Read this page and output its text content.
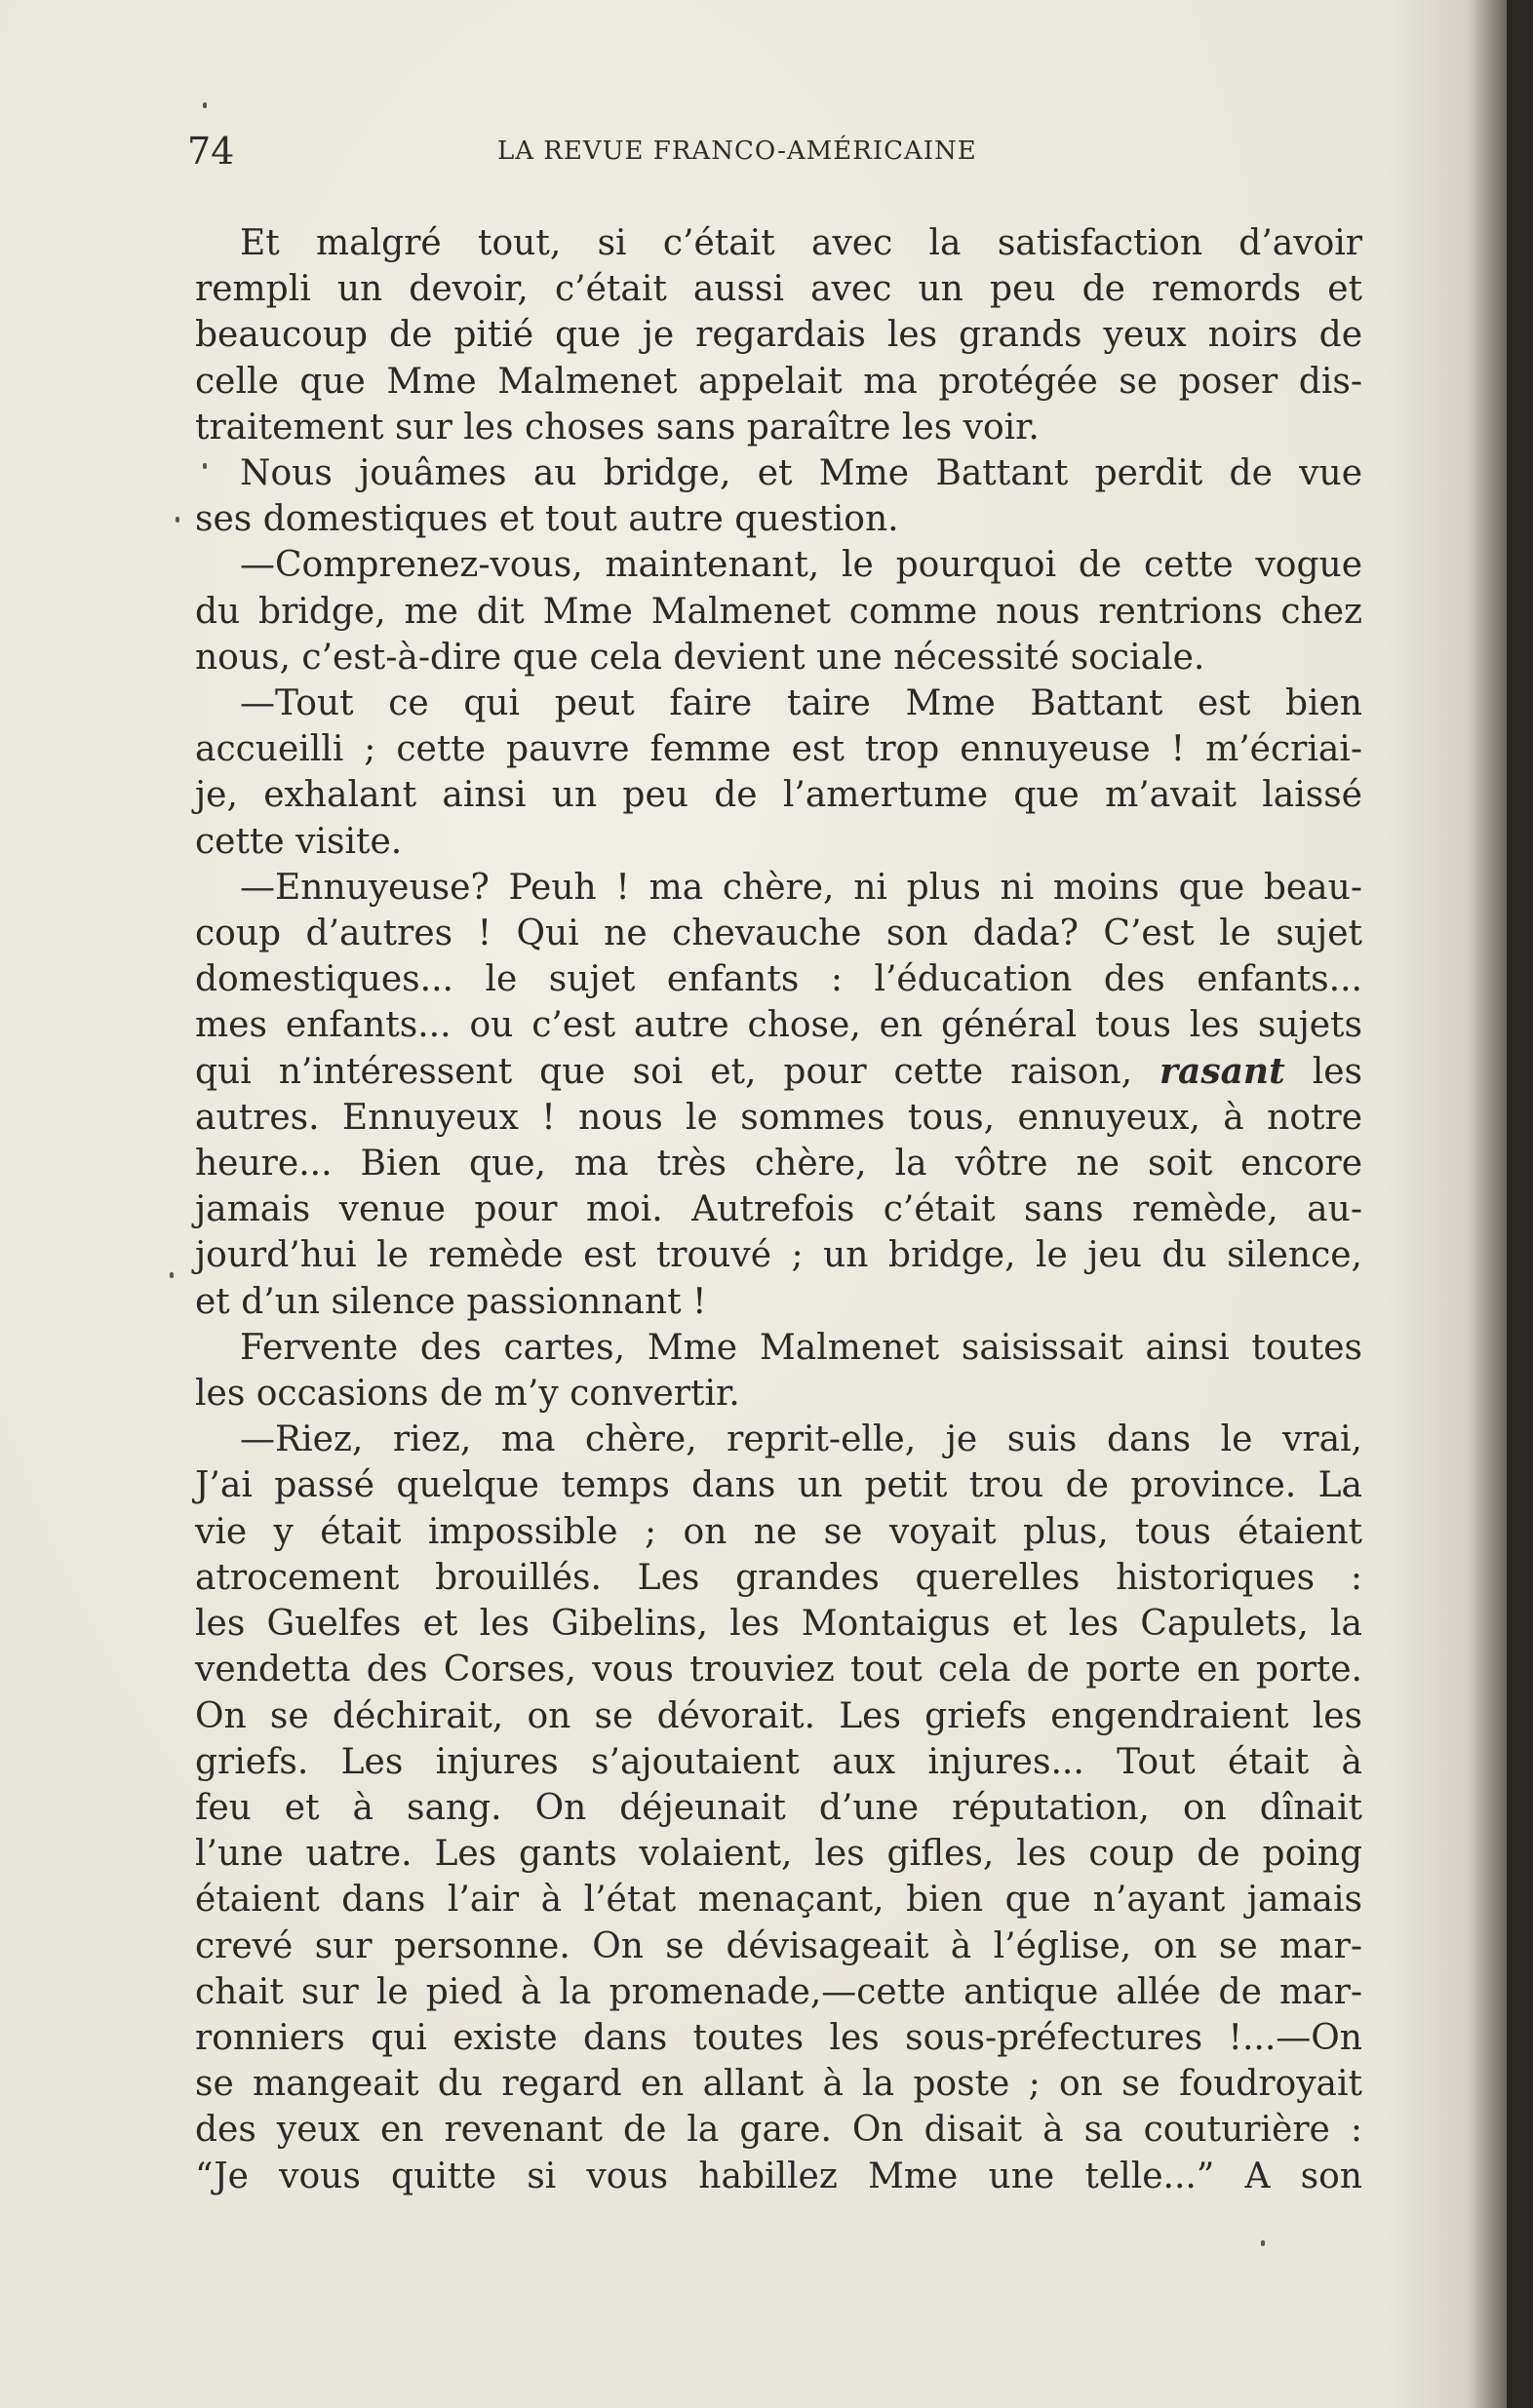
74	LA REVUE FRANCO-AMÉRICAINE
Et malgré tout, si c’était avec la satisfaction d’avoir
rempli un devoir, c’était aussi avec un peu de remords et
beaucoup de pitié que je regardais les grands yeux noirs de
celle que Mme Malmenet appelait ma protégée se poser dis-
traitement sur les choses sans paraître les voir.
Nous jouâmes au bridge, et Mme Battant perdit de vue
ses domestiques et tout autre question.
—Comprenez-vous, maintenant, le pourquoi de cette vogue
du bridge, me dit Mme Malmenet comme nous rentrions chez
nous, c’est-à-dire que cela devient une nécessité sociale.
—Tout ce qui peut faire taire Mme Battant est bien
accueilli ; cette pauvre femme est trop ennuyeuse ! m’écriai-
je, exhalant ainsi un peu de l’amertume que m’avait laissé
cette visite.
—Ennuyeuse? Peuh ! ma chère, ni plus ni moins que beau-
coup d’autres ! Qui ne chevauche son dada? C’est le sujet
domestiques... le sujet enfants : l’éducation des enfants...
mes enfants... ou c’est autre chose, en général tous les sujets
qui n’intéressent que soi et, pour cette raison, rasant les
autres. Ennuyeux ! nous le sommes tous, ennuyeux, à notre
heure... Bien que, ma très chère, la vôtre ne soit encore
jamais venue pour moi. Autrefois c’était sans remède, au-
jourd’hui le remède est trouvé ; un bridge, le jeu du silence,
et d’un silence passionnant !
Fervente des cartes, Mme Malmenet saisissait ainsi toutes
les occasions de m’y convertir.
—Riez, riez, ma chère, reprit-elle, je suis dans le vrai,
J’ai passé quelque temps dans un petit trou de province. La
vie y était impossible ; on ne se voyait plus, tous étaient
atrocement brouillés. Les grandes querelles historiques :
les Guelfes et les Gibelins, les Montaigus et les Capulets, la
vendetta des Corses, vous trouviez tout cela de porte en porte.
On se déchirait, on se dévorait. Les griefs engendraient les
griefs. Les injures s’ajoutaient aux injures... Tout était à
feu et à sang. On déjeunait d’une réputation, on dînait
l’une uatre. Les gants volaient, les gifles, les coup de poing
étaient dans l’air à l’état menaçant, bien que n’ayant jamais
crevé sur personne. On se dévisageait à l’église, on se mar-
chait sur le pied à la promenade,—cette antique allée de mar-
ronniers qui existe dans toutes les sous-préfectures !...—On
se mangeait du regard en allant à la poste ; on se foudroyait
des yeux en revenant de la gare. On disait à sa couturière :
“Je vous quitte si vous habillez Mme une telle...” A son
